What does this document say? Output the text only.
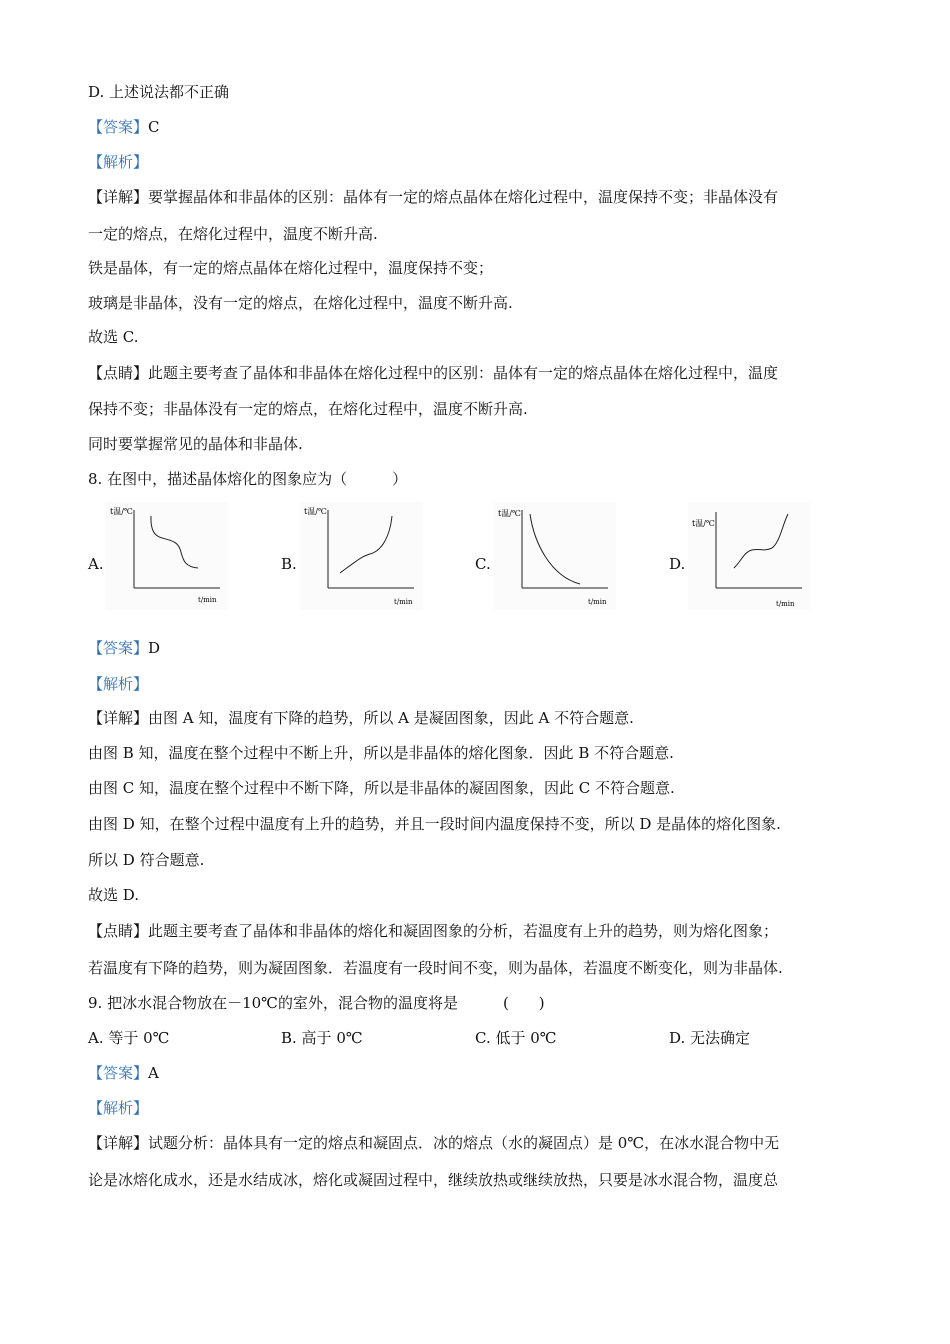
D. 上述说法都不正确
【答案】C
【解析】
【详解】要掌握晶体和非晶体的区别：晶体有一定的熔点晶体在熔化过程中，温度保持不变；非晶体没有
一定的熔点，在熔化过程中，温度不断升高.
铁是晶体，有一定的熔点晶体在熔化过程中，温度保持不变；
玻璃是非晶体，没有一定的熔点，在熔化过程中，温度不断升高.
故选 C.
【点睛】此题主要考查了晶体和非晶体在熔化过程中的区别：晶体有一定的熔点晶体在熔化过程中，温度
保持不变；非晶体没有一定的熔点，在熔化过程中，温度不断升高.
同时要掌握常见的晶体和非晶体.
8. 在图中，描述晶体熔化的图象应为（　　　）
A.	B.	C.	D.
t温/℃
t/min
t温/℃
t/min
t温/℃
t/min
t温/℃
t/min
【答案】D
【解析】
【详解】由图 A 知，温度有下降的趋势，所以 A 是凝固图象，因此 A 不符合题意.
由图 B 知，温度在整个过程中不断上升，所以是非晶体的熔化图象．因此 B 不符合题意.
由图 C 知，温度在整个过程中不断下降，所以是非晶体的凝固图象，因此 C 不符合题意.
由图 D 知，在整个过程中温度有上升的趋势，并且一段时间内温度保持不变，所以 D 是晶体的熔化图象.
所以 D 符合题意.
故选 D.
【点睛】此题主要考查了晶体和非晶体的熔化和凝固图象的分析，若温度有上升的趋势，则为熔化图象；
若温度有下降的趋势，则为凝固图象．若温度有一段时间不变，则为晶体，若温度不断变化，则为非晶体.
9. 把冰水混合物放在－10℃的室外，混合物的温度将是　　　(　　)
A. 等于 0℃	B. 高于 0℃	C. 低于 0℃	D. 无法确定
【答案】A
【解析】
【详解】试题分析：晶体具有一定的熔点和凝固点．冰的熔点（水的凝固点）是 0℃，在冰水混合物中无
论是冰熔化成水，还是水结成冰，熔化或凝固过程中，继续放热或继续放热，只要是冰水混合物，温度总
